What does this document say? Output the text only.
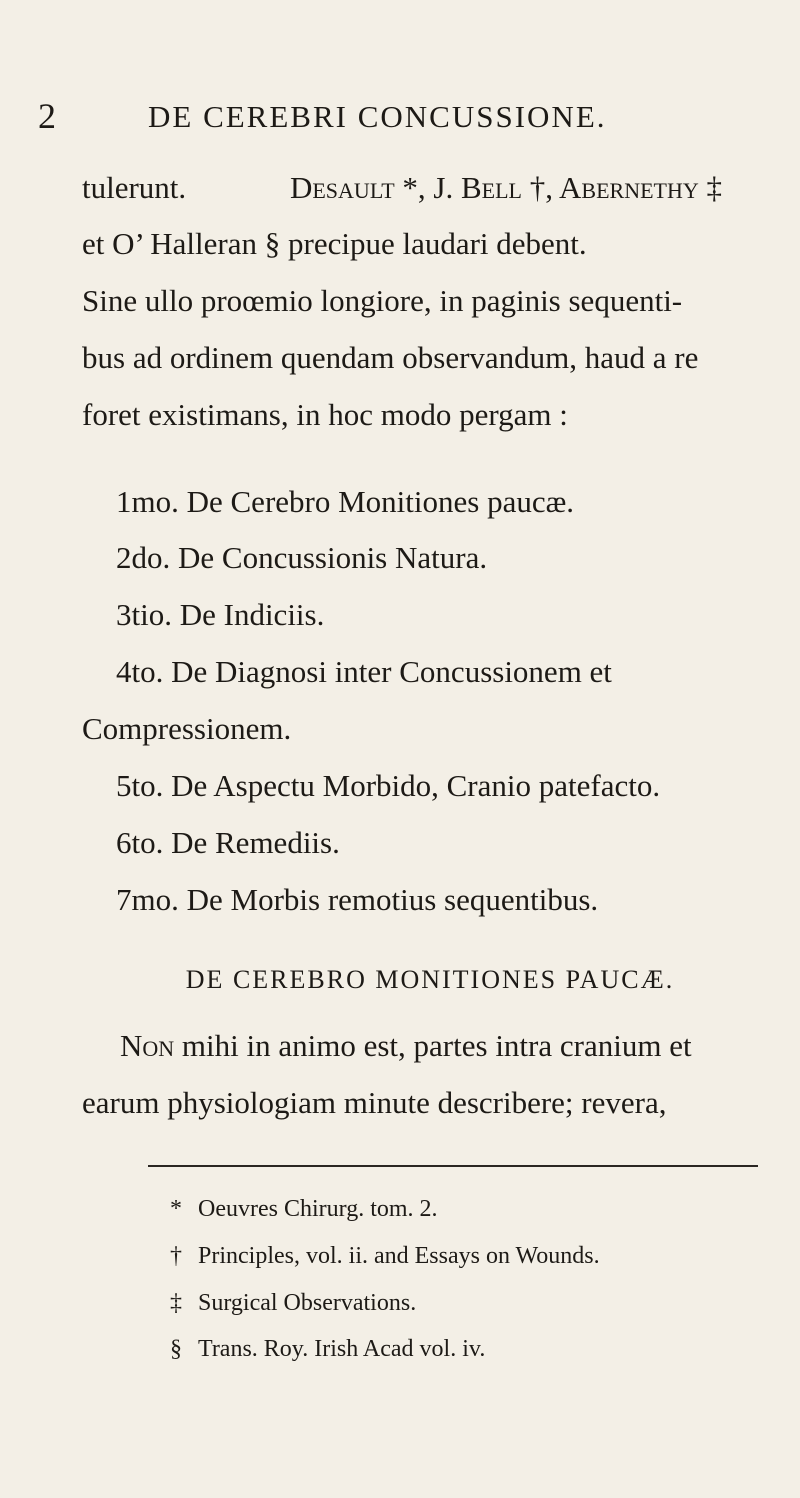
2	DE CEREBRI CONCUSSIONE.
tulerunt.	Desault *, J. Bell †, Abernethy ‡
et O’ Halleran § precipue laudari debent.
Sine ullo proœmio longiore, in paginis sequenti-
bus ad ordinem quendam observandum, haud a re
foret existimans, in hoc modo pergam :
1mo. De Cerebro Monitiones paucæ.
2do. De Concussionis Natura.
3tio. De Indiciis.
4to. De Diagnosi inter Concussionem et
Compressionem.
5to. De Aspectu Morbido, Cranio patefacto.
6to. De Remediis.
7mo. De Morbis remotius sequentibus.
DE CEREBRO MONITIONES PAUCÆ.
Non mihi in animo est, partes intra cranium et
earum physiologiam minute describere; revera,
* Oeuvres Chirurg. tom. 2.
† Principles, vol. ii. and Essays on Wounds.
‡ Surgical Observations.
§ Trans. Roy. Irish Acad vol. iv.
